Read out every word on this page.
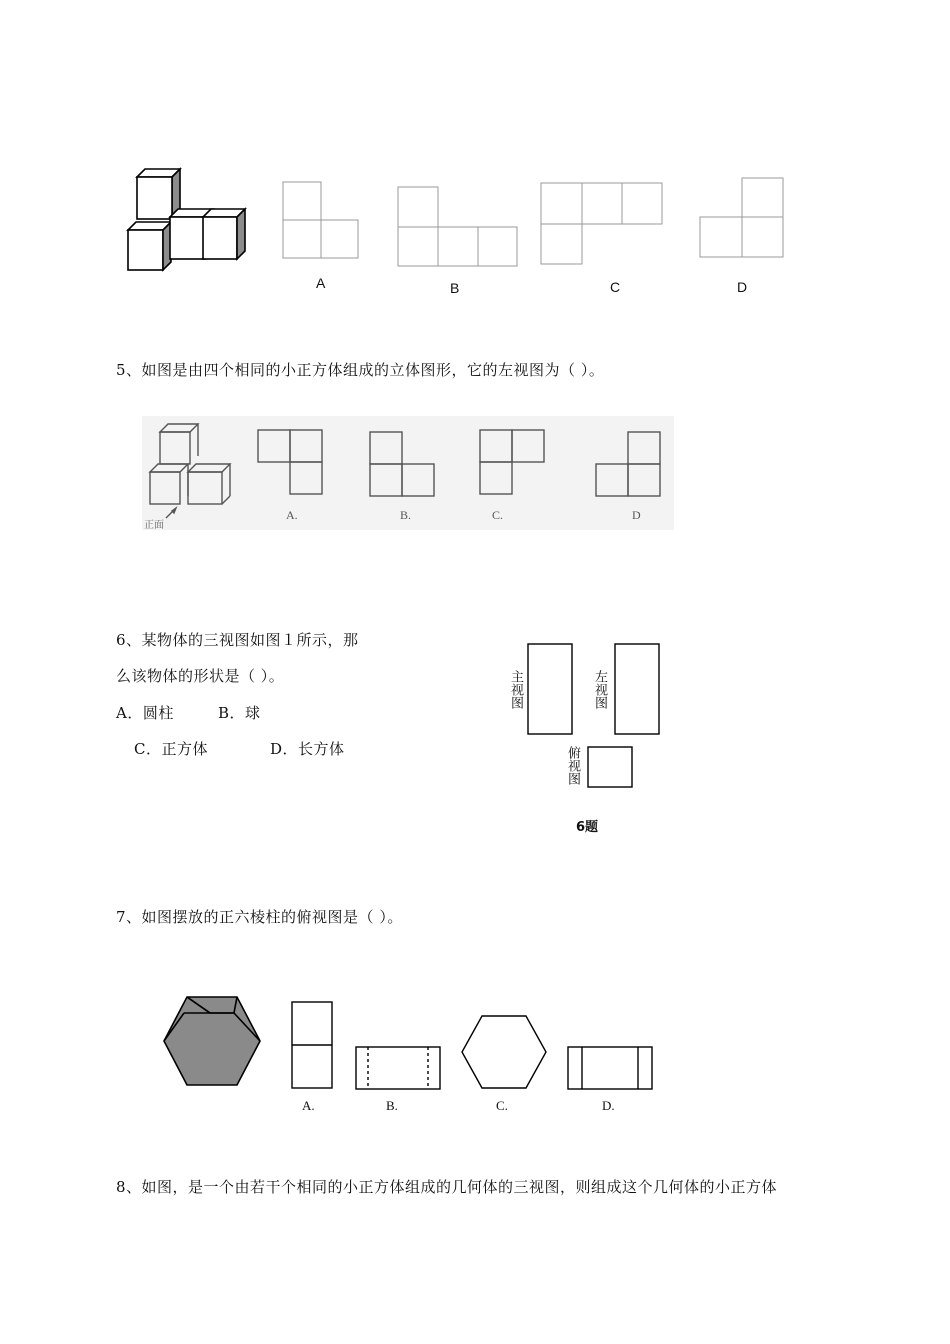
A	B	C	D
5、如图是由四个相同的小正方体组成的立体图形，它的左视图为（ ）。
正面
A.	B.	C.	D
6、某物体的三视图如图１所示，那
么该物体的形状是（ ）。
A．圆柱	B．球
C．正方体	D．长方体
主视图	左视图
俯视图
6题
7、如图摆放的正六棱柱的俯视图是（ ）。
A.	B.	C.	D.
8、如图，是一个由若干个相同的小正方体组成的几何体的三视图，则组成这个几何体的小正方体
